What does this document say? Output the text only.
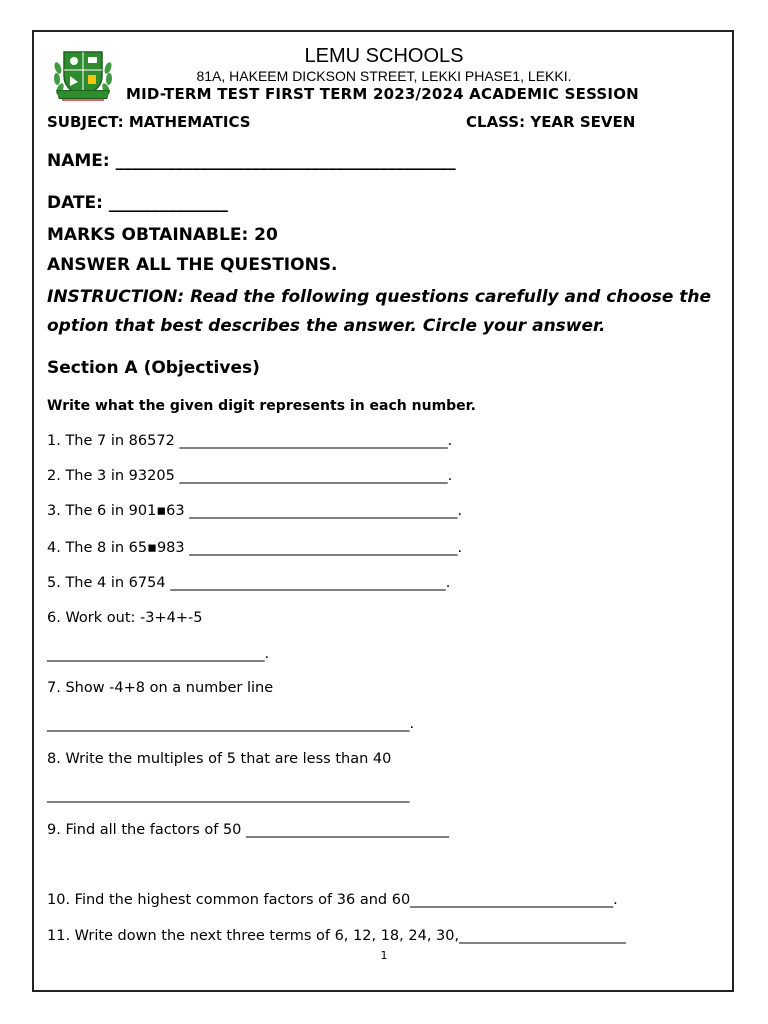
LEMU SCHOOLS
81A, HAKEEM DICKSON STREET, LEKKI PHASE1, LEKKI.
MID-TERM TEST FIRST TERM 2023/2024 ACADEMIC SESSION
SUBJECT: MATHEMATICS	CLASS: YEAR SEVEN
NAME: ________________________________________
DATE: ______________
MARKS OBTAINABLE: 20
ANSWER ALL THE QUESTIONS.
INSTRUCTION: Read the following questions carefully and choose the option that best describes the answer. Circle your answer.
Section A (Objectives)
Write what the given digit represents in each number.
1. The 7 in 86572 _____________________________________.
2. The 3 in 93205 _____________________________________.
3. The 6 in 901▪63 _____________________________________.
4. The 8 in 65▪983 _____________________________________.
5. The 4 in 6754 ______________________________________.
6. Work out: -3+4+-5
______________________________.
7. Show -4+8 on a number line
__________________________________________________.
8. Write the multiples of 5 that are less than 40
__________________________________________________
9. Find all the factors of 50 ____________________________
10. Find the highest common factors of 36 and 60____________________________.
11. Write down the next three terms of 6, 12, 18, 24, 30,_______________________
1
